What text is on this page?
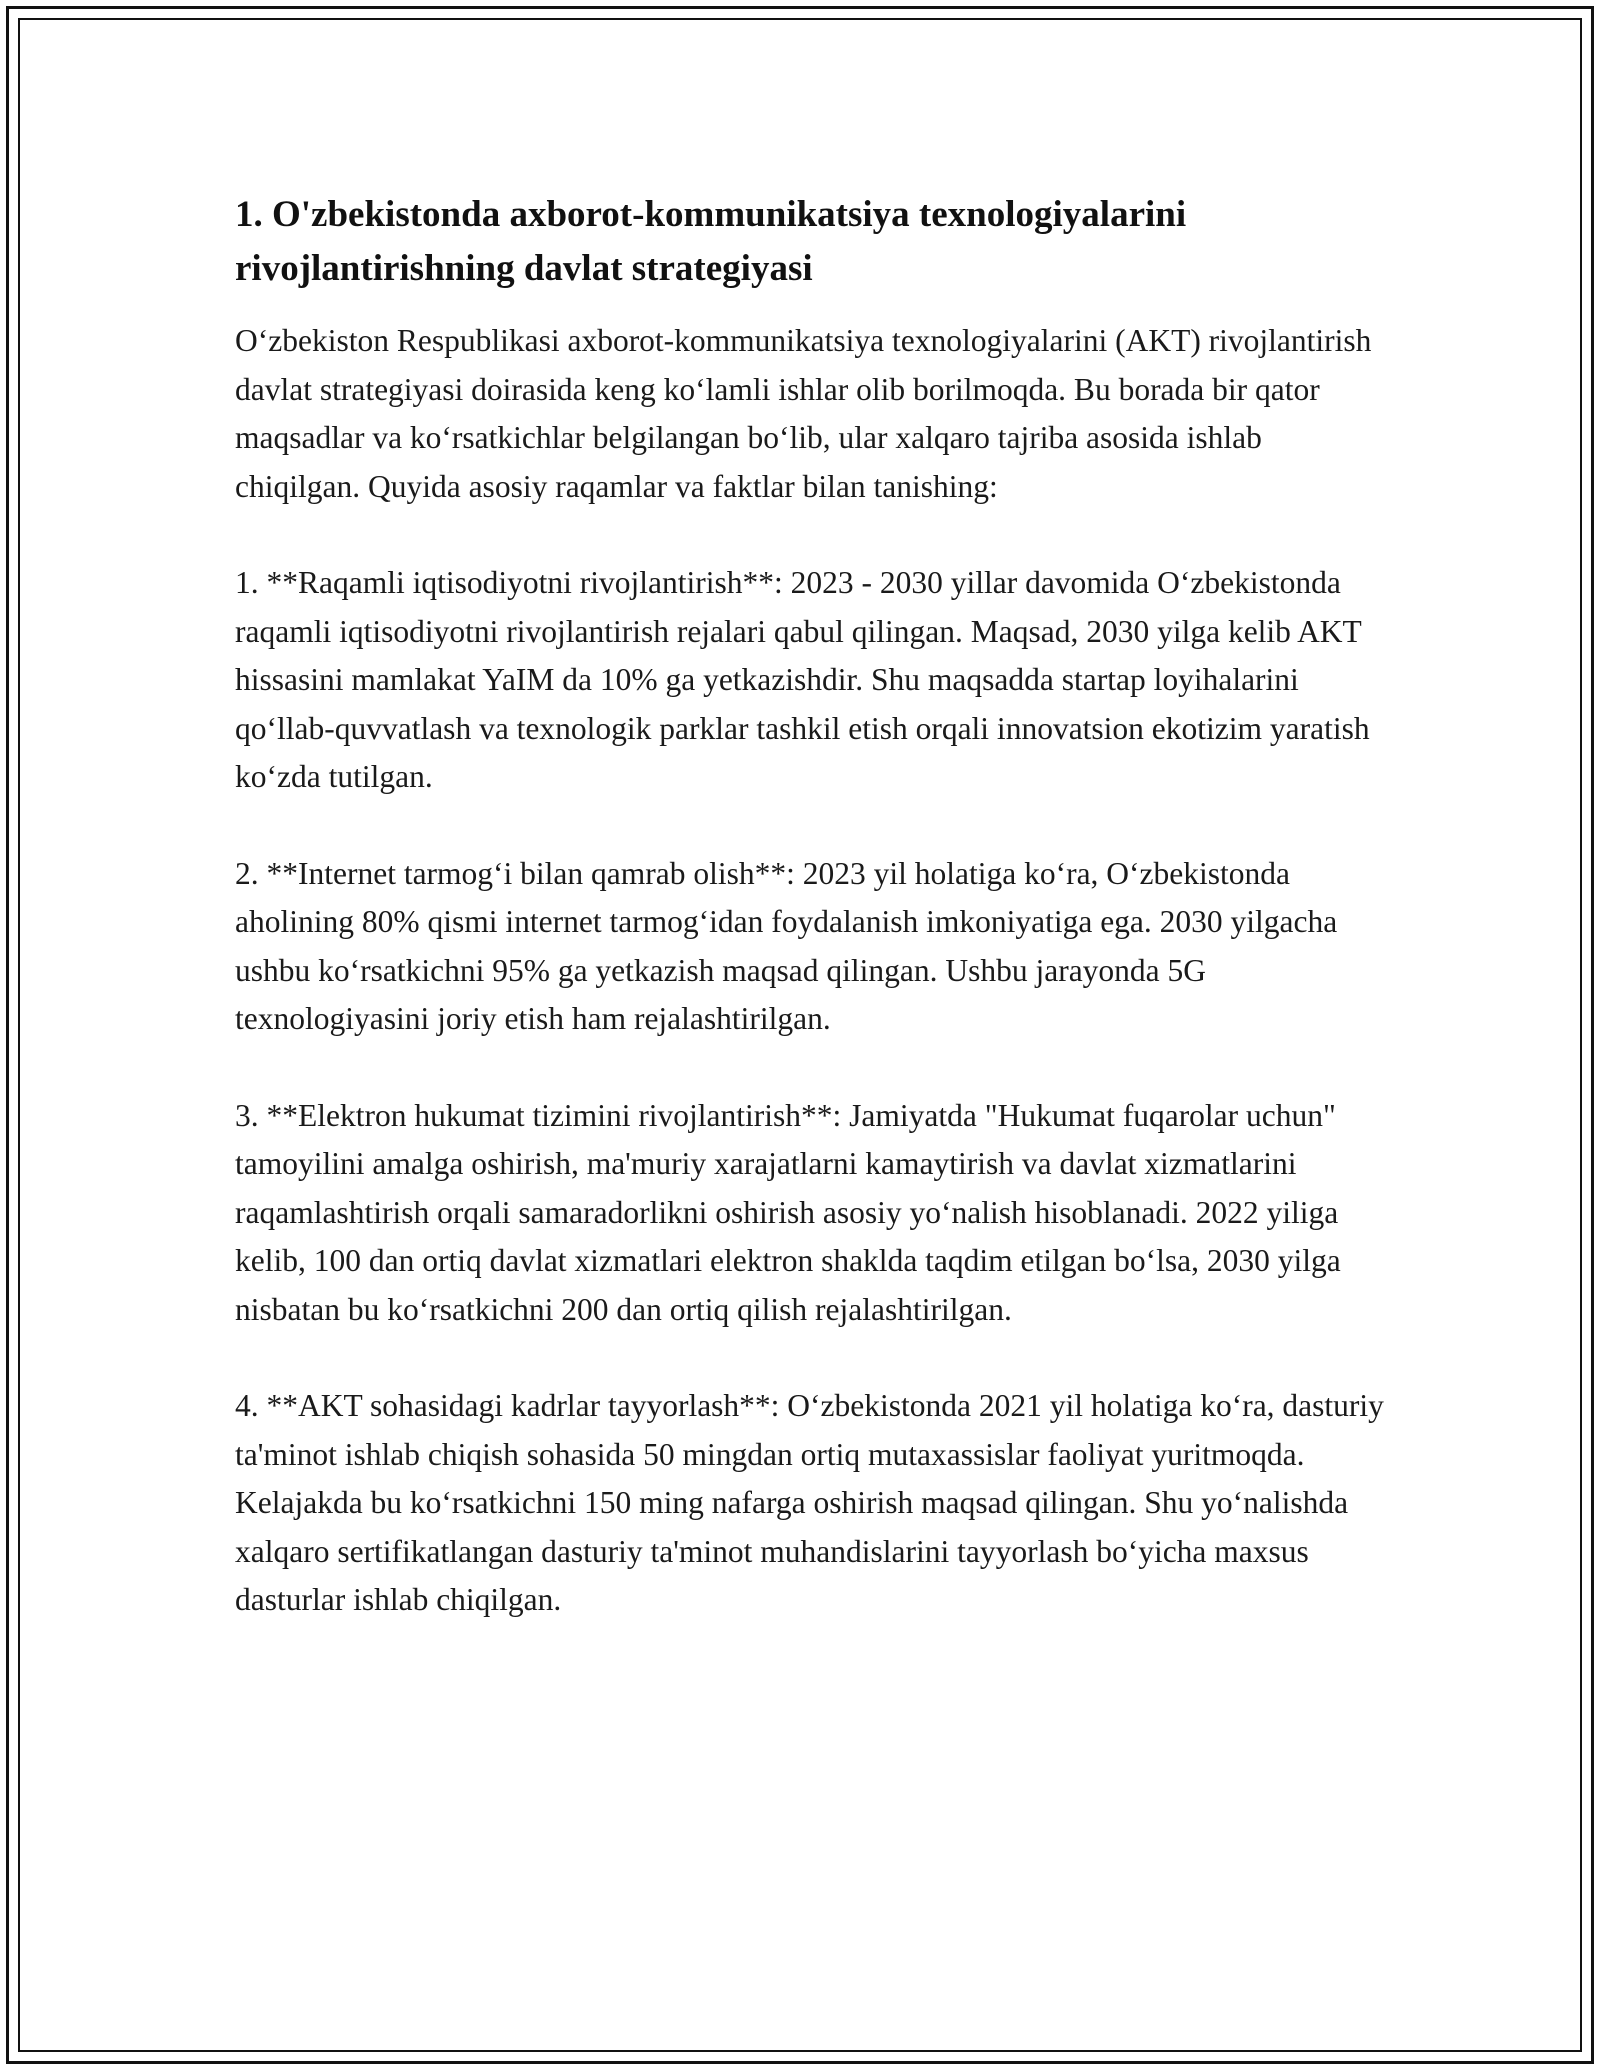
1. O'zbekistonda axborot-kommunikatsiya texnologiyalarini rivojlantirishning davlat strategiyasi

O‘zbekiston Respublikasi axborot-kommunikatsiya texnologiyalarini (AKT) rivojlantirish davlat strategiyasi doirasida keng ko‘lamli ishlar olib borilmoqda. Bu borada bir qator maqsadlar va ko‘rsatkichlar belgilangan bo‘lib, ular xalqaro tajriba asosida ishlab chiqilgan. Quyida asosiy raqamlar va faktlar bilan tanishing:

1. **Raqamli iqtisodiyotni rivojlantirish**: 2023 - 2030 yillar davomida O‘zbekistonda raqamli iqtisodiyotni rivojlantirish rejalari qabul qilingan. Maqsad, 2030 yilga kelib AKT hissasini mamlakat YaIM da 10% ga yetkazishdir. Shu maqsadda startap loyihalarini qo‘llab-quvvatlash va texnologik parklar tashkil etish orqali innovatsion ekotizim yaratish ko‘zda tutilgan.

2. **Internet tarmog‘i bilan qamrab olish**: 2023 yil holatiga ko‘ra, O‘zbekistonda aholining 80% qismi internet tarmog‘idan foydalanish imkoniyatiga ega. 2030 yilgacha ushbu ko‘rsatkichni 95% ga yetkazish maqsad qilingan. Ushbu jarayonda 5G texnologiyasini joriy etish ham rejalashtirilgan.

3. **Elektron hukumat tizimini rivojlantirish**: Jamiyatda "Hukumat fuqarolar uchun" tamoyilini amalga oshirish, ma'muriy xarajatlarni kamaytirish va davlat xizmatlarini raqamlashtirish orqali samaradorlikni oshirish asosiy yo‘nalish hisoblanadi. 2022 yiliga kelib, 100 dan ortiq davlat xizmatlari elektron shaklda taqdim etilgan bo‘lsa, 2030 yilga nisbatan bu ko‘rsatkichni 200 dan ortiq qilish rejalashtirilgan.

4. **AKT sohasidagi kadrlar tayyorlash**: O‘zbekistonda 2021 yil holatiga ko‘ra, dasturiy ta'minot ishlab chiqish sohasida 50 mingdan ortiq mutaxassislar faoliyat yuritmoqda. Kelajakda bu ko‘rsatkichni 150 ming nafarga oshirish maqsad qilingan. Shu yo‘nalishda xalqaro sertifikatlangan dasturiy ta'minot muhandislarini tayyorlash bo‘yicha maxsus dasturlar ishlab chiqilgan.
